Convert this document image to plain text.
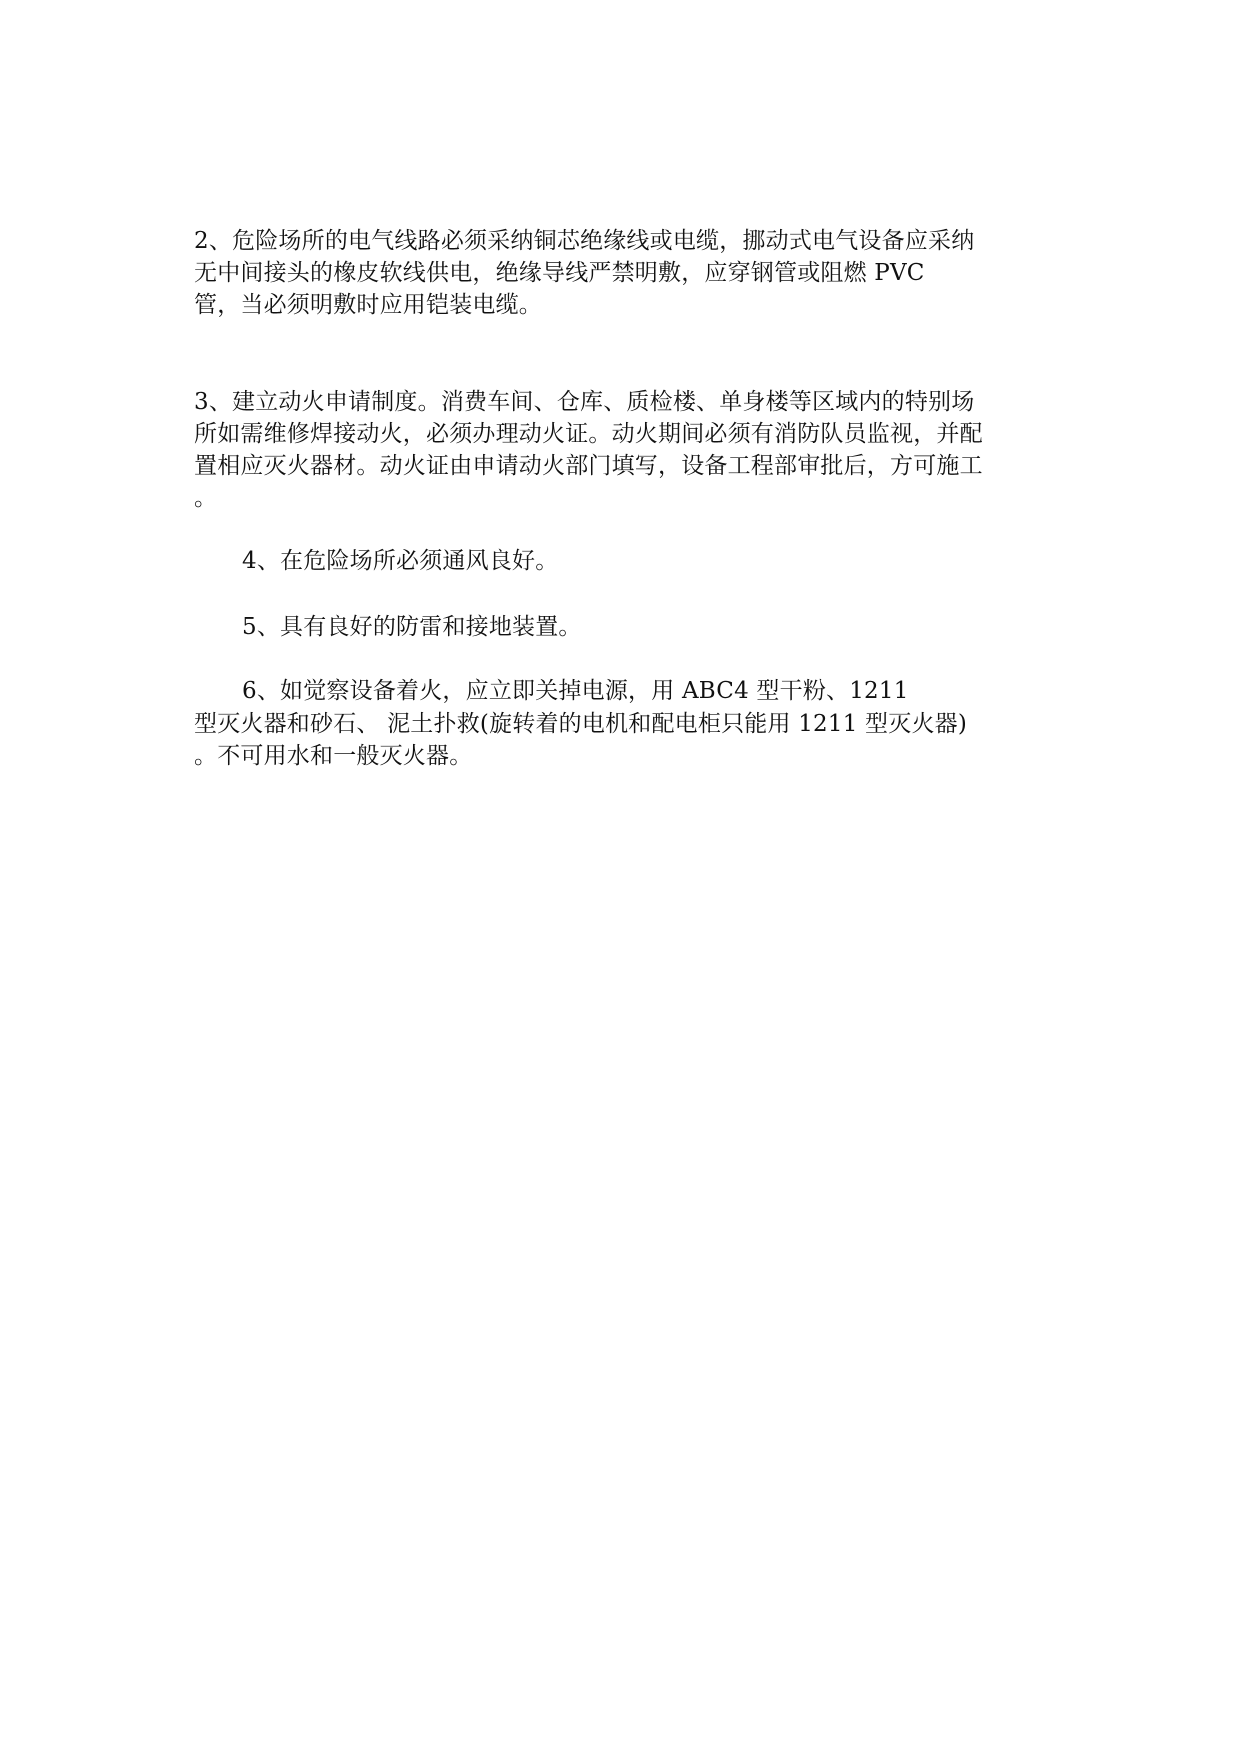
2、危险场所的电气线路必须采纳铜芯绝缘线或电缆，挪动式电气设备应采纳
无中间接头的橡皮软线供电，绝缘导线严禁明敷，应穿钢管或阻燃 PVC
管，当必须明敷时应用铠装电缆。
3、建立动火申请制度。消费车间、仓库、质检楼、单身楼等区域内的特别场
所如需维修焊接动火，必须办理动火证。动火期间必须有消防队员监视，并配
置相应灭火器材。动火证由申请动火部门填写，设备工程部审批后，方可施工
。
4、在危险场所必须通风良好。
5、具有良好的防雷和接地装置。
6、如觉察设备着火，应立即关掉电源，用 ABC4 型干粉、1211
型灭火器和砂石、 泥土扑救(旋转着的电机和配电柜只能用 1211 型灭火器)
。不可用水和一般灭火器。
